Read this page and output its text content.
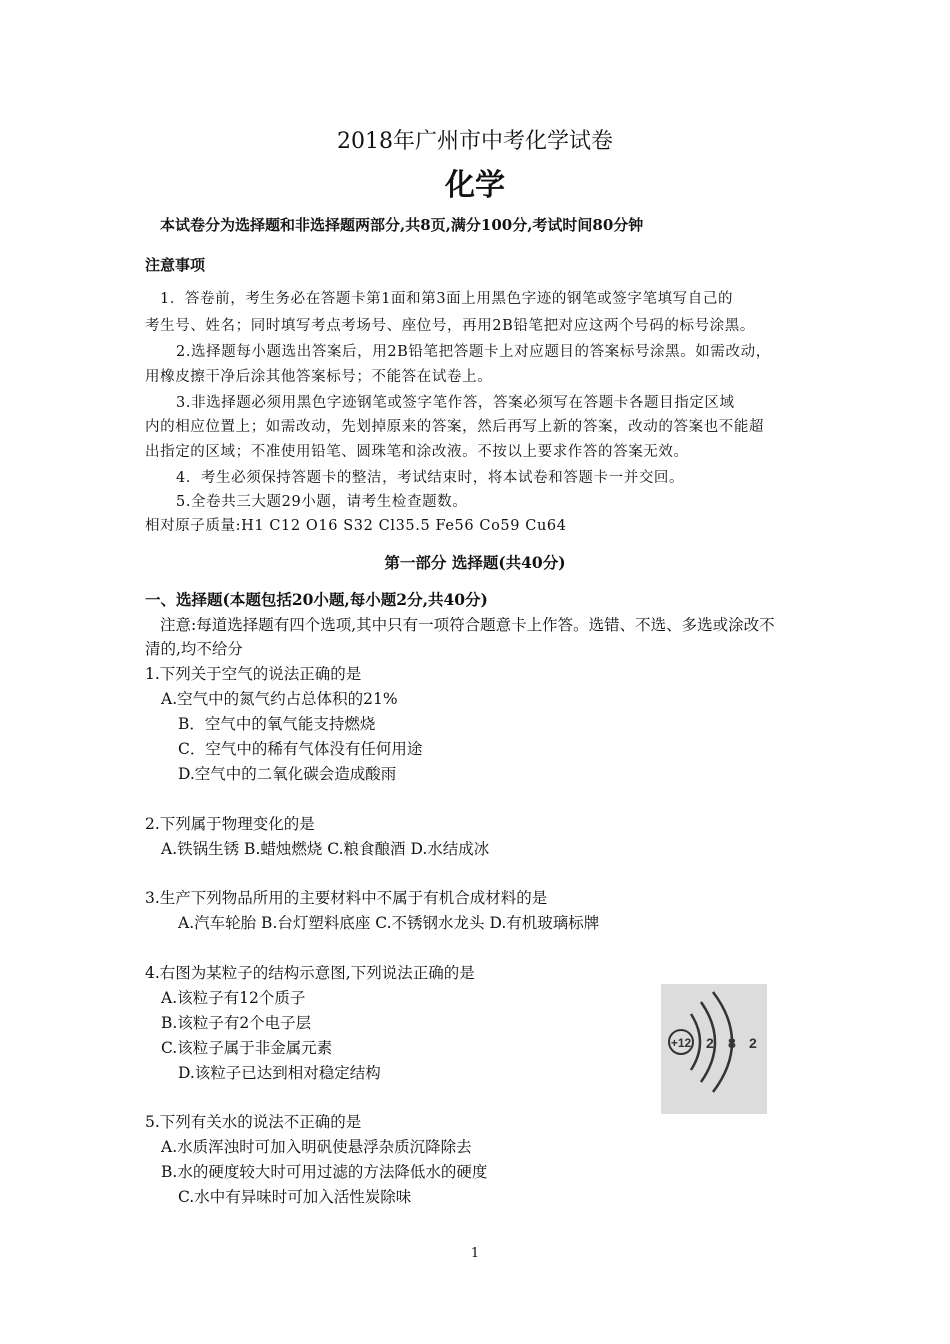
2018年广州市中考化学试卷
化学
本试卷分为选择题和非选择题两部分,共8页,满分100分,考试时间80分钟
注意事项
1．答卷前，考生务必在答题卡第1面和第3面上用黑色字迹的钢笔或签字笔填写自己的
考生号、姓名；同时填写考点考场号、座位号，再用2B铅笔把对应这两个号码的标号涂黑。
2.选择题每小题选出答案后，用2B铅笔把答题卡上对应题目的答案标号涂黑。如需改动，
用橡皮擦干净后涂其他答案标号；不能答在试卷上。
3.非选择题必须用黑色字迹钢笔或签字笔作答，答案必须写在答题卡各题目指定区域
内的相应位置上；如需改动，先划掉原来的答案，然后再写上新的答案，改动的答案也不能超
出指定的区域；不准使用铅笔、圆珠笔和涂改液。不按以上要求作答的答案无效。
4．考生必须保持答题卡的整洁，考试结束时，将本试卷和答题卡一并交回。
5.全卷共三大题29小题，请考生检查题数。
相对原子质量:H1 C12 O16 S32 Cl35.5 Fe56 Co59 Cu64
第一部分 选择题(共40分)
一、选择题(本题包括20小题,每小题2分,共40分)
注意:每道选择题有四个选项,其中只有一项符合题意卡上作答。选错、不选、多选或涂改不
清的,均不给分
1.下列关于空气的说法正确的是
A.空气中的氮气约占总体积的21%
B．空气中的氧气能支持燃烧
C．空气中的稀有气体没有任何用途
D.空气中的二氧化碳会造成酸雨
2.下列属于物理变化的是
A.铁锅生锈 B.蜡烛燃烧 C.粮食酿酒 D.水结成冰
3.生产下列物品所用的主要材料中不属于有机合成材料的是
A.汽车轮胎 B.台灯塑料底座 C.不锈钢水龙头 D.有机玻璃标牌
4.右图为某粒子的结构示意图,下列说法正确的是
A.该粒子有12个质子
B.该粒子有2个电子层
C.该粒子属于非金属元素
D.该粒子已达到相对稳定结构
+12 2 8 2
5.下列有关水的说法不正确的是
A.水质浑浊时可加入明矾使悬浮杂质沉降除去
B.水的硬度较大时可用过滤的方法降低水的硬度
C.水中有异味时可加入活性炭除味
1
